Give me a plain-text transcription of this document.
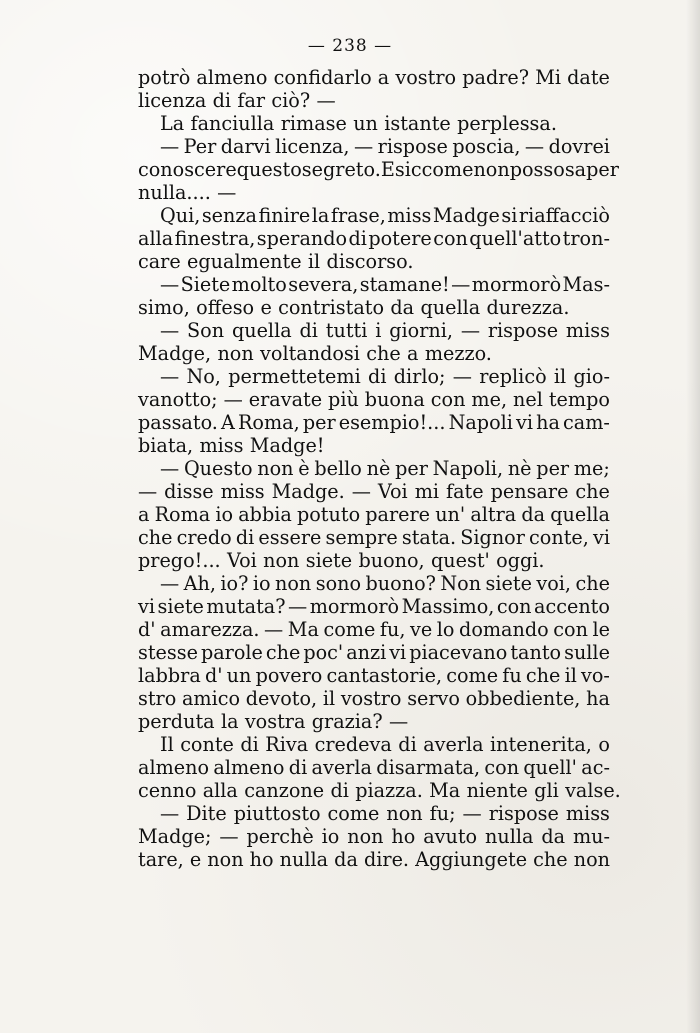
— 238 —
potrò almeno confidarlo a vostro padre? Mi date
licenza di far ciò? —
La fanciulla rimase un istante perplessa.
— Per darvi licenza, — rispose poscia, — dovrei
conoscere questo segreto. E siccome non posso saper
nulla.... —
Qui, senza finire la frase, miss Madge si riaffacciò
alla finestra, sperando di potere con quell'atto tron-
care egualmente il discorso.
— Siete molto severa, stamane! — mormorò Mas-
simo, offeso e contristato da quella durezza.
— Son quella di tutti i giorni, — rispose miss
Madge, non voltandosi che a mezzo.
— No, permettetemi di dirlo; — replicò il gio-
vanotto; — eravate più buona con me, nel tempo
passato. A Roma, per esempio!... Napoli vi ha cam-
biata, miss Madge!
— Questo non è bello nè per Napoli, nè per me;
— disse miss Madge. — Voi mi fate pensare che
a Roma io abbia potuto parere un' altra da quella
che credo di essere sempre stata. Signor conte, vi
prego!... Voi non siete buono, quest' oggi.
— Ah, io? io non sono buono? Non siete voi, che
vi siete mutata? — mormorò Massimo, con accento
d' amarezza. — Ma come fu, ve lo domando con le
stesse parole che poc' anzi vi piacevano tanto sulle
labbra d' un povero cantastorie, come fu che il vo-
stro amico devoto, il vostro servo obbediente, ha
perduta la vostra grazia? —
Il conte di Riva credeva di averla intenerita, o
almeno almeno di averla disarmata, con quell' ac-
cenno alla canzone di piazza. Ma niente gli valse.
— Dite piuttosto come non fu; — rispose miss
Madge; — perchè io non ho avuto nulla da mu-
tare, e non ho nulla da dire. Aggiungete che non
